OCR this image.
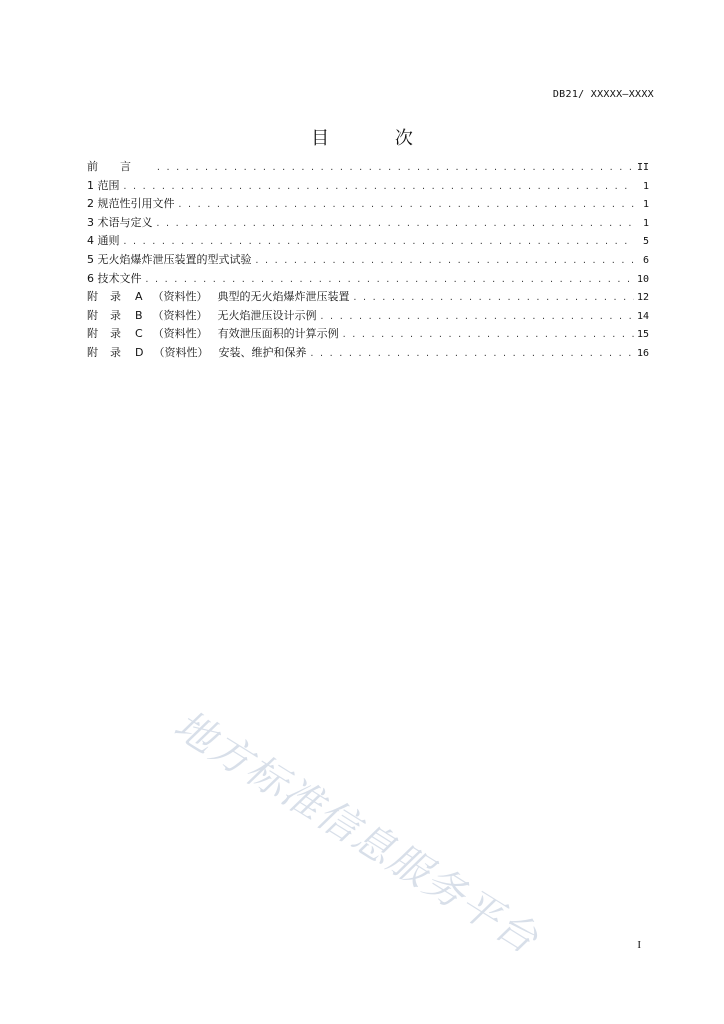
DB21/ XXXXX—XXXX
目 次
前言 . . .	II
1 范围 . . .	1
2 规范性引用文件 . . .	1
3 术语与定义 . . .	1
4 通则 . . .	5
5 无火焰爆炸泄压装置的型式试验 . . .	6
6 技术文件 . . .	10
附录 A （资料性） 典型的无火焰爆炸泄压装置 . . .	12
附录 B （资料性） 无火焰泄压设计示例 . . .	14
附录 C （资料性） 有效泄压面积的计算示例 . . .	15
附录 D （资料性） 安装、维护和保养 . . .	16
地方标准信息服务平台	I
